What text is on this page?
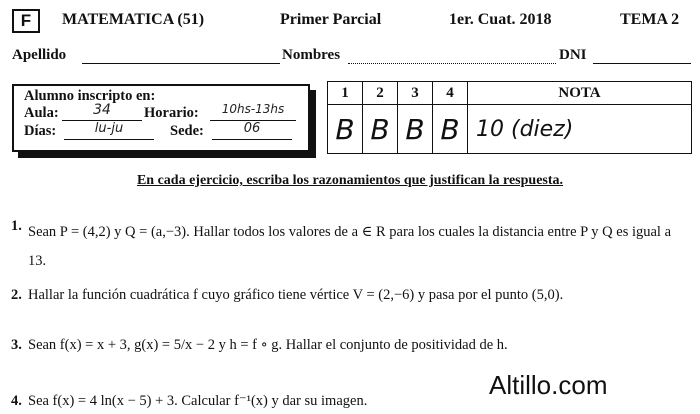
F MATEMATICA (51)	Primer Parcial	1er. Cuat. 2018	TEMA 2
Apellido	Nombres	DNI
Alumno inscripto en:
Aula:	34	Horario:	10hs-13hs
Días:	lu-ju	Sede:	06
1	2	3	4	NOTA
B	B	B	B	10 (diez)
En cada ejercicio, escriba los razonamientos que justifican la respuesta.
1. Sean P = (4,2) y Q = (a,−3). Hallar todos los valores de a ∈ R para los cuales la distancia entre P y Q es igual a 13.
2. Hallar la función cuadrática f cuyo gráfico tiene vértice V = (2,−6) y pasa por el punto (5,0).
3. Sean f(x) = x + 3, g(x) = 5/x − 2 y h = f ∘ g. Hallar el conjunto de positividad de h.
4. Sea f(x) = 4 ln(x − 5) + 3. Calcular f⁻¹(x) y dar su imagen.
Altillo.com
